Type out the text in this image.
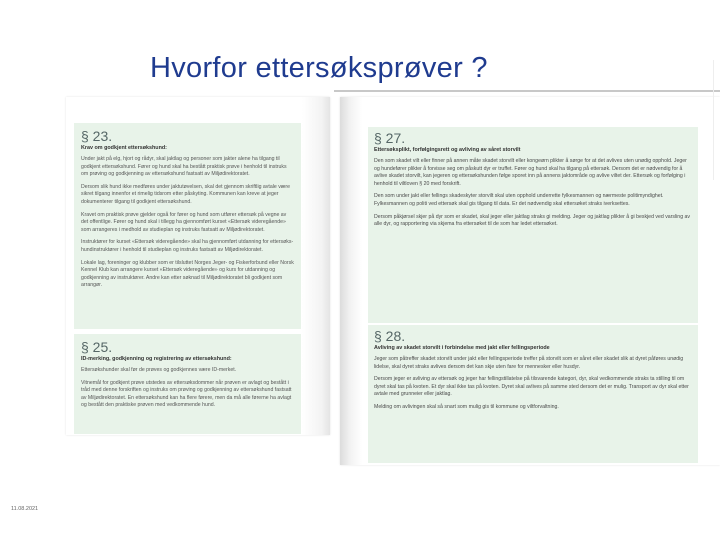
Hvorfor ettersøksprøver ?
§ 23.
Krav om godkjent ettersøkshund:

Under jakt på elg, hjort og rådyr, skal jaktlag og personer som jakter alene ha tilgang til godkjent ettersøkshund. Fører og hund skal ha bestått praktisk prøve i henhold til instruks om prøving og godkjenning av ettersøkshund fastsatt av Miljødirektoratet.

Dersom slik hund ikke medføres under jaktutøvelsen, skal det gjennom skriftlig avtale være sikret tilgang innenfor et rimelig tidsrom etter påskyting. Kommunen kan kreve at jeger dokumenterer tilgang til godkjent ettersøkshund.

Kravet om praktisk prøve gjelder også for fører og hund som utfører ettersøk på vegne av det offentlige. Fører og hund skal i tillegg ha gjennomført kurset «Ettersøk videregående» som arrangeres i medhold av studieplan og instruks fastsatt av Miljødirektoratet.

Instruktører for kurset «Ettersøk videregående» skal ha gjennomført utdanning for ettersøks-hundinstruktører i henhold til studieplan og instruks fastsatt av Miljødirektoratet.

Lokale lag, foreninger og klubber som er tilsluttet Norges Jeger- og Fiskerforbund eller Norsk Kennel Klub kan arrangere kurset «Ettersøk videregående» og kurs for utdanning og godkjenning av instruktører. Andre kan etter søknad til Miljødirektoratet bli godkjent som arrangør.

§ 25.
ID-merking, godkjenning og registrering av ettersøkshund:

Ettersøkshunder skal før de prøves og godkjennes være ID-merket.

Vitnemål for godkjent prøve utstedes av ettersøksdommer når prøven er avlagt og bestått i tråd med denne forskriften og instruks om prøving og godkjenning av ettersøkshund fastsatt av Miljødirektoratet. En ettersøkshund kan ha flere førere, men da må alle førerne ha avlagt og bestått den praktiske prøven med vedkommende hund.

§ 27.
Ettersøksplikt, forfølgingsrett og avliving av såret storvilt

Den som skadet vilt eller finner på annen måte skadet storvilt eller kongeørn plikter å sørge for at det avlives uten unødig opphold. Jeger og hundefører plikter å forvisse seg om påskutt dyr er truffet. Fører og hund skal ha tilgang på ettersøk. Dersom det er nødvendig for å avlive skadet storvilt, kan jegeren og ettersøkshunden følge sporet inn på annens jaktområde og avlive viltet der. Ettersøk og forfølging i henhold til viltloven § 20 med forskrift.

Den som under jakt eller fellings skadeskyter storvilt skal uten opphold underrette fylkesmannen og nærmeste politimyndighet. Fylkesmannen og politi ved ettersøk skal gis tilgang til data. Er det nødvendig skal ettersøket straks iverksettes.

Dersom påkjørsel skjer på dyr som er skadet, skal jeger eller jaktlag straks gi melding. Jeger og jaktlag plikter å gi beskjed ved varsling av alle dyr, og rapportering via skjema fra ettersøket til de som har ledet ettersøket.

§ 28.
Avliving av skadet storvilt i forbindelse med jakt eller fellingsperiode

Jeger som påtreffer skadet storvilt under jakt eller fellingsperiode treffer på storvilt som er såret eller skadet slik at dyret påføres unødig lidelse, skal dyret straks avlives dersom det kan skje uten fare for mennesker eller husdyr.

Dersom jeger er avliving av ettersøk og jeger har fellingstillatelse på tilsvarende kategori, dyr, skal vedkommende straks ta stilling til om dyret skal tas på kvoten. Et dyr skal ikke tas på kvoten. Dyret skal avlives på samme sted dersom det er mulig. Transport av dyr skal etter avtale med grunneier eller jaktlag.

Melding om avlivingen skal så snart som mulig gis til kommune og viltforvaltning.

11.08.2021
